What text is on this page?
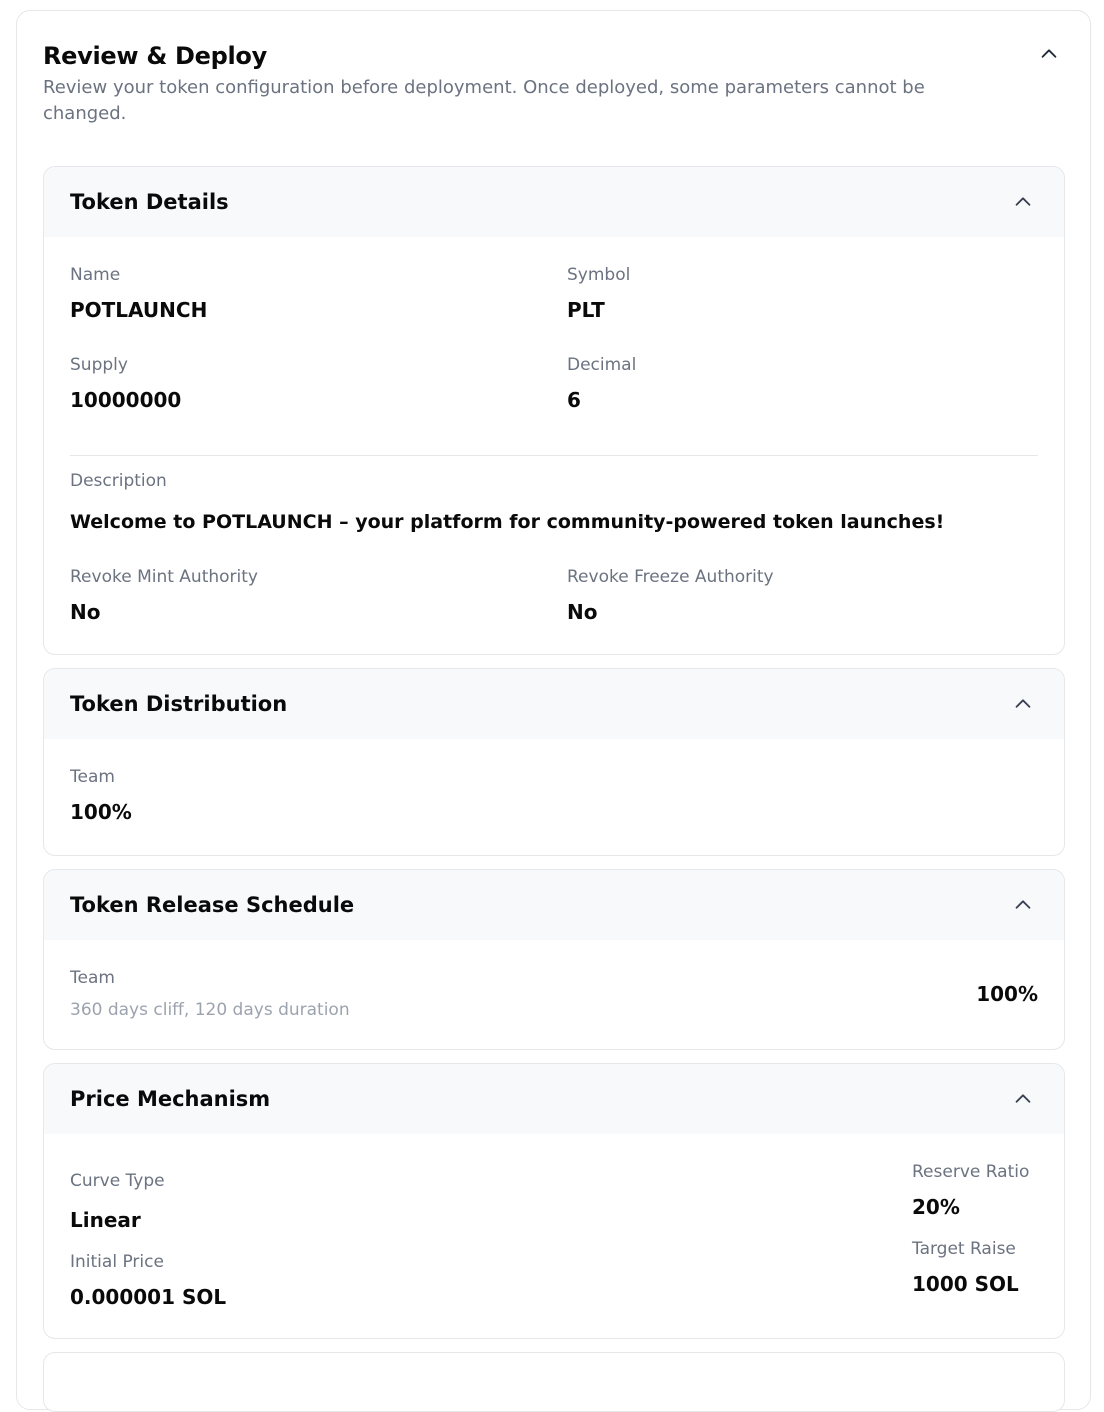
Review & Deploy
Review your token configuration before deployment. Once deployed, some parameters cannot be changed.
Token Details
Name
POTLAUNCH
Symbol
PLT
Supply
10000000
Decimal
6
Description
Welcome to POTLAUNCH – your platform for community-powered token launches!
Revoke Mint Authority
No
Revoke Freeze Authority
No
Token Distribution
Team
100%
Token Release Schedule
Team
360 days cliff, 120 days duration
100%
Price Mechanism
Curve Type
Linear
Initial Price
0.000001 SOL
Reserve Ratio
20%
Target Raise
1000 SOL
